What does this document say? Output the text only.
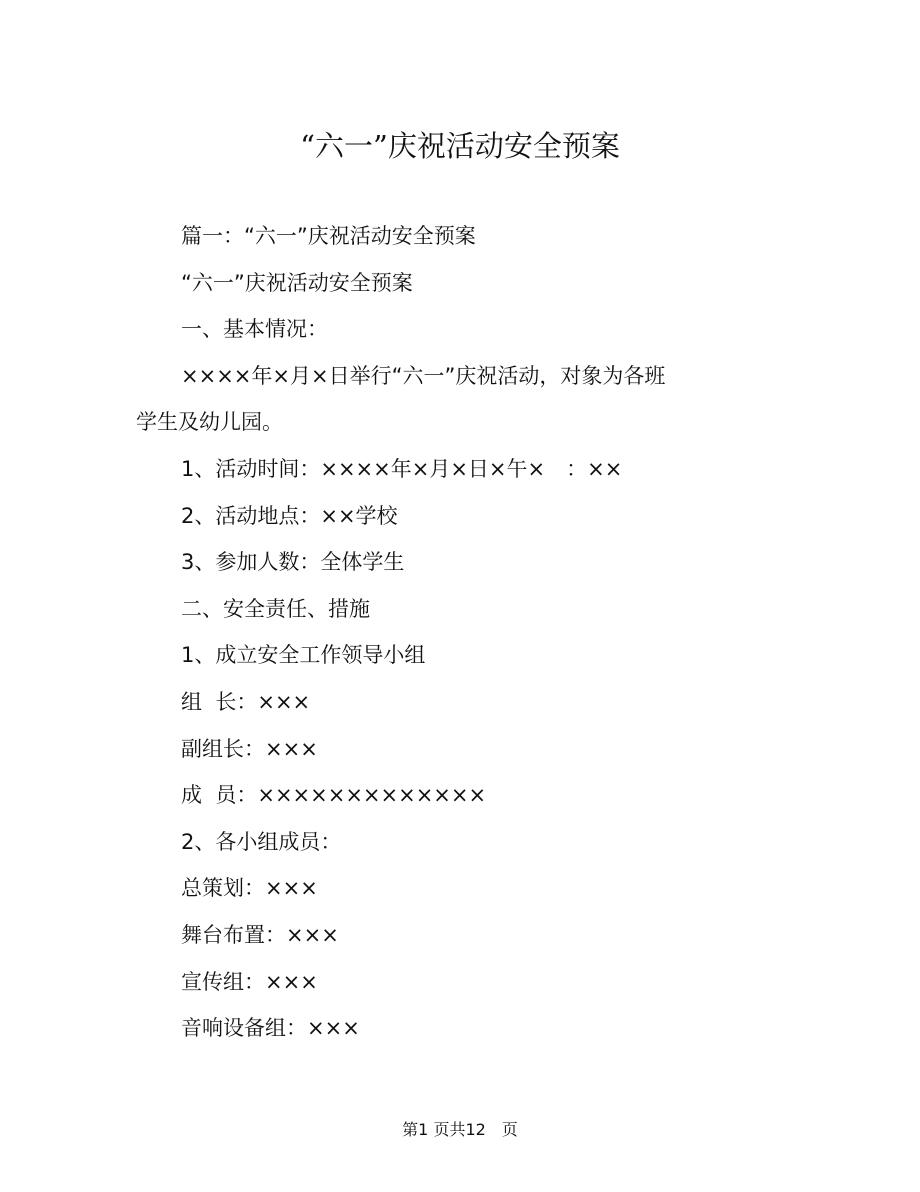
“六一”庆祝活动安全预案
篇一：“六一”庆祝活动安全预案
“六一”庆祝活动安全预案
一、基本情况：
××××年×月×日举行“六一”庆祝活动，对象为各班
学生及幼儿园。
1、活动时间：××××年×月×日×午×　：××
2、活动地点：××学校
3、参加人数：全体学生
二、安全责任、措施
1、成立安全工作领导小组
组  长：×××
副组长：×××
成  员：×××××××××××××
2、各小组成员：
总策划：×××
舞台布置：×××
宣传组：×××
音响设备组：×××
第1 页共12　页
